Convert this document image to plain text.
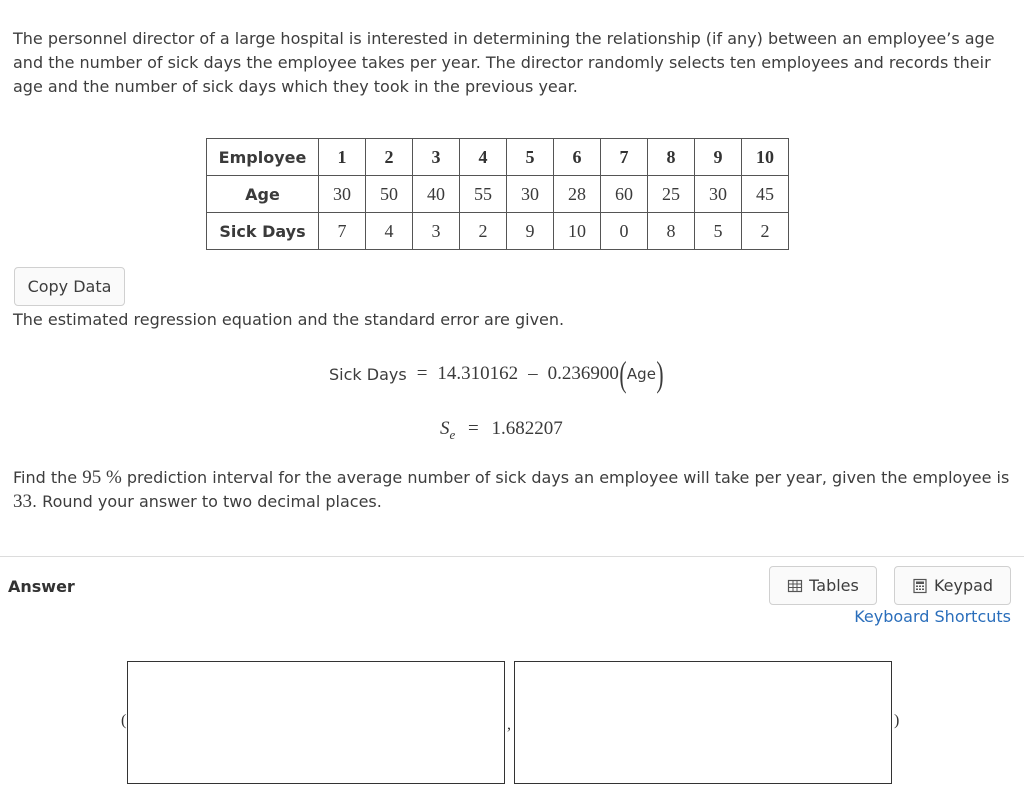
The personnel director of a large hospital is interested in determining the relationship (if any) between an employee’s age and the number of sick days the employee takes per year. The director randomly selects ten employees and records their age and the number of sick days which they took in the previous year.

Employee	1	2	3	4	5	6	7	8	9	10
Age	30	50	40	55	30	28	60	25	30	45
Sick Days	7	4	3	2	9	10	0	8	5	2
Copy Data

The estimated regression equation and the standard error are given.

Sick Days = 14.310162 – 0.236900 ( Age )
$S_e = 1.682207$

Find the 95 % prediction interval for the average number of sick days an employee will take per year, given the employee is 33. Round your answer to two decimal places.

Answer	Tables	Keypad
Keyboard Shortcuts
(	,	)
